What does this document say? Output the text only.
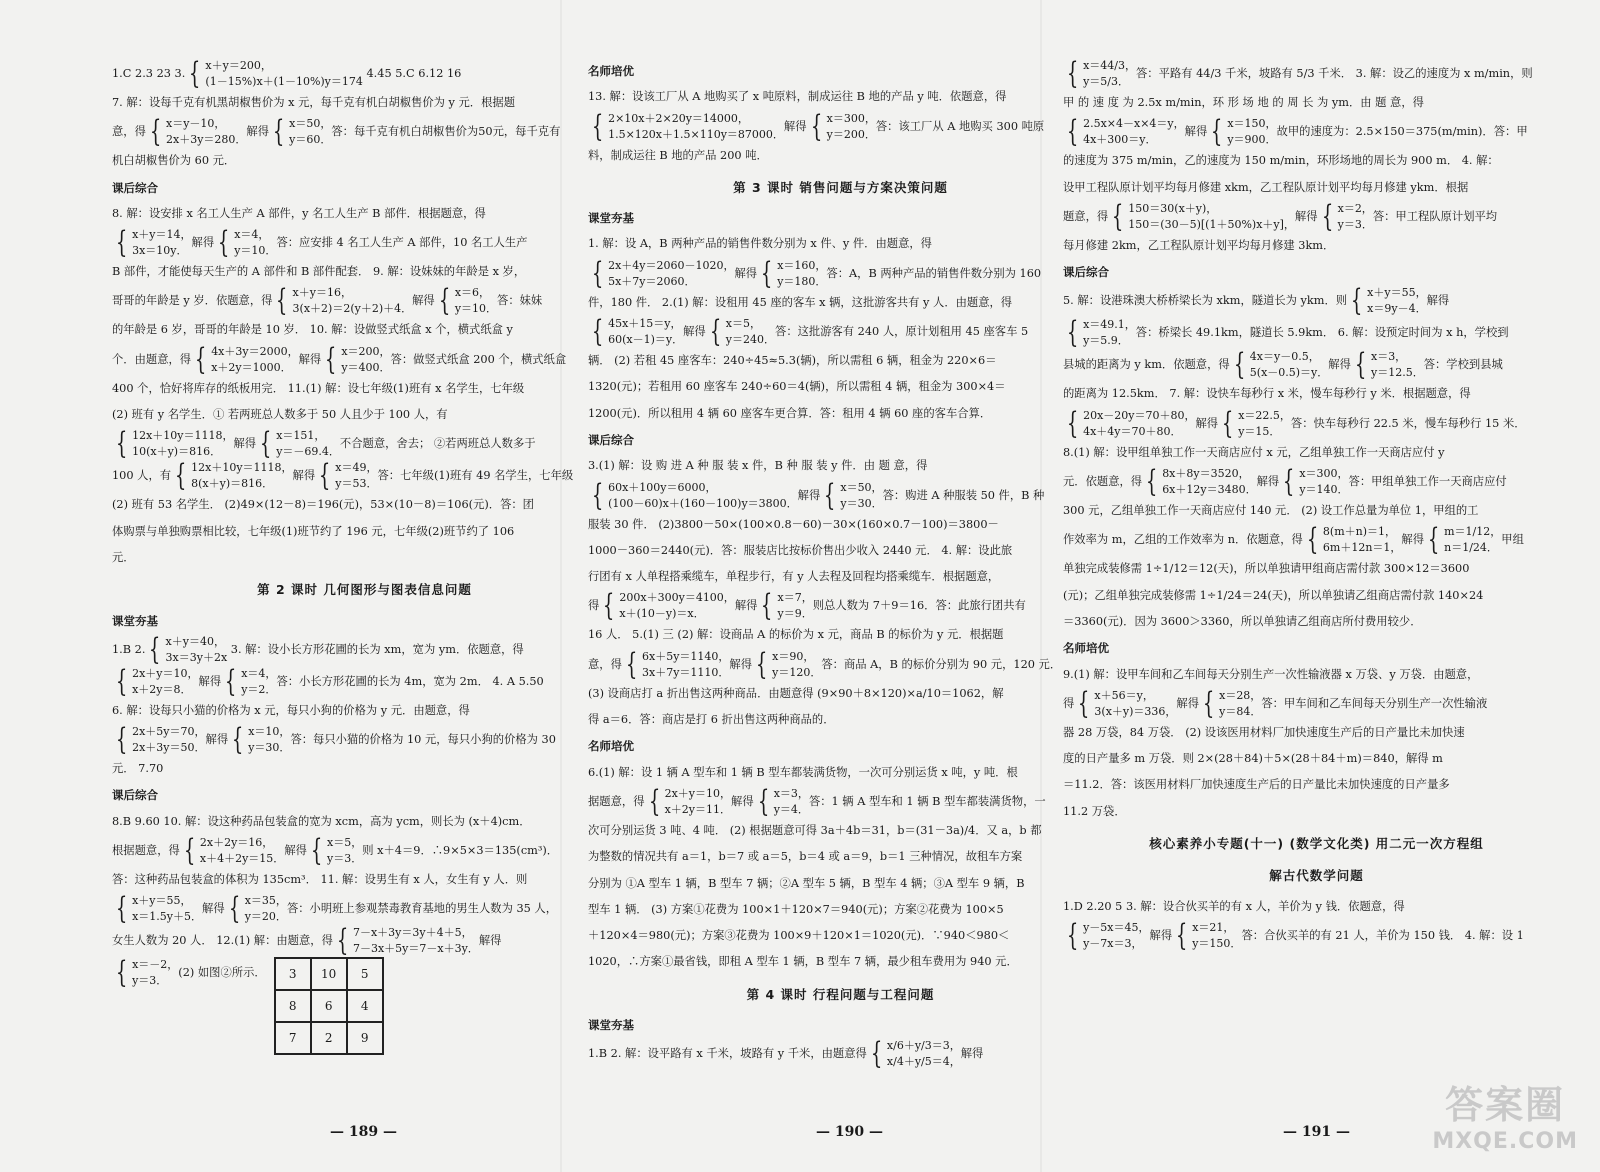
1.C 2.3 23 3. { x＋y＝200，
(1－15%)x＋(1－10%)y＝174
4.45 5.C 6.12 16
7. 解：设每千克有机黑胡椒售价为 x 元，每千克有机白胡椒售价为 y 元．根据题
意，得 { x＝y－10，
2x＋3y＝280．
解得 { x＝50，
y＝60．
答：每千克有机白胡椒售价为50元，每千克有
机白胡椒售价为 60 元．
课后综合
8. 解：设安排 x 名工人生产 A 部件，y 名工人生产 B 部件．根据题意，得
{ x＋y＝14，
3x＝10y．
解得 { x＝4，
y＝10．
答：应安排 4 名工人生产 A 部件，10 名工人生产
B 部件，才能使每天生产的 A 部件和 B 部件配套． 9. 解：设妹妹的年龄是 x 岁，
哥哥的年龄是 y 岁．依题意，得 { x＋y＝16，
3(x＋2)＝2(y＋2)＋4．
解得 { x＝6，
y＝10．
答：妹妹
的年龄是 6 岁，哥哥的年龄是 10 岁． 10. 解：设做竖式纸盒 x 个，横式纸盒 y
个．由题意，得 { 4x＋3y＝2000，
x＋2y＝1000．
解得 { x＝200，
y＝400．
答：做竖式纸盒 200 个，横式纸盒
400 个，恰好将库存的纸板用完． 11.(1) 解：设七年级(1)班有 x 名学生，七年级
(2) 班有 y 名学生．① 若两班总人数多于 50 人且少于 100 人，有
{ 12x＋10y＝1118，
10(x＋y)＝816．
解得 { x＝151，
y＝－69.4．
不合题意，舍去； ②若两班总人数多于
100 人，有 { 12x＋10y＝1118，
8(x＋y)＝816．
解得 { x＝49，
y＝53．
答：七年级(1)班有 49 名学生，七年级
(2) 班有 53 名学生． (2)49×(12－8)＝196(元)，53×(10－8)＝106(元)．答：团
体购票与单独购票相比较，七年级(1)班节约了 196 元，七年级(2)班节约了 106
元．
第 2 课时 几何图形与图表信息问题
课堂夯基
1.B 2. { x＋y＝40，
3x＝3y＋2x
3. 解：设小长方形花圃的长为 xm，宽为 ym．依题意，得
{ 2x＋y＝10，
x＋2y＝8．
解得 { x＝4，
y＝2．
答：小长方形花圃的长为 4m，宽为 2m． 4. A 5.50
6. 解：设每只小猫的价格为 x 元，每只小狗的价格为 y 元．由题意，得
{ 2x＋5y＝70，
2x＋3y＝50．
解得 { x＝10，
y＝30．
答：每只小猫的价格为 10 元，每只小狗的价格为 30
元． 7.70
课后综合
8.B 9.60 10. 解：设这种药品包装盒的宽为 xcm，高为 ycm，则长为 (x＋4)cm．
根据题意，得 { 2x＋2y＝16，
x＋4＋2y＝15．
解得 { x＝5，
y＝3．
则 x＋4＝9．∴9×5×3＝135(cm³)．
答：这种药品包装盒的体积为 135cm³． 11. 解：设男生有 x 人，女生有 y 人．则
{ x＋y＝55，
x＝1.5y＋5．
解得 { x＝35，
y＝20．
答：小明班上参观禁毒教育基地的男生人数为 35 人，
女生人数为 20 人． 12.(1) 解：由题意，得 { 7－x＋3y＝3y＋4＋5，
7－3x＋5y＝7－x＋3y．
解得
{ x＝－2，
y＝3．
(2) 如图②所示．	3	10	5
8	6	4
7	2	9
名师培优
13. 解：设该工厂从 A 地购买了 x 吨原料，制成运往 B 地的产品 y 吨．依题意，得
{ 2×10x＋2×20y＝14000，
1.5×120x＋1.5×110y＝87000．
解得 { x＝300，
y＝200．
答：该工厂从 A 地购买 300 吨原
料，制成运往 B 地的产品 200 吨．
第 3 课时 销售问题与方案决策问题
课堂夯基
1. 解：设 A，B 两种产品的销售件数分别为 x 件、y 件．由题意，得
{ 2x＋4y＝2060－1020，
5x＋7y＝2060．
解得 { x＝160，
y＝180．
答：A，B 两种产品的销售件数分别为 160
件，180 件． 2.(1) 解：设租用 45 座的客车 x 辆，这批游客共有 y 人．由题意，得
{ 45x＋15＝y，
60(x－1)＝y．
解得 { x＝5，
y＝240．
答：这批游客有 240 人，原计划租用 45 座客车 5
辆． (2) 若租 45 座客车：240÷45≈5.3(辆)，所以需租 6 辆，租金为 220×6＝
1320(元)；若租用 60 座客车 240÷60＝4(辆)，所以需租 4 辆，租金为 300×4＝
1200(元)．所以租用 4 辆 60 座客车更合算．答：租用 4 辆 60 座的客车合算．
课后综合
3.(1) 解：设 购 进 A 种 服 装 x 件，B 种 服 装 y 件．由 题 意，得
{ 60x＋100y＝6000，
(100－60)x＋(160－100)y＝3800．
解得 { x＝50，
y＝30．
答：购进 A 种服装 50 件，B 种
服装 30 件． (2)3800－50×(100×0.8－60)－30×(160×0.7－100)＝3800－
1000－360＝2440(元)．答：服装店比按标价售出少收入 2440 元． 4. 解：设此旅
行团有 x 人单程搭乘缆车，单程步行，有 y 人去程及回程均搭乘缆车．根据题意，
得 { 200x＋300y＝4100，
x＋(10－y)＝x．
解得 { x＝7，
y＝9．
则总人数为 7＋9＝16．答：此旅行团共有
16 人． 5.(1) 三 (2) 解：设商品 A 的标价为 x 元，商品 B 的标价为 y 元．根据题
意，得 { 6x＋5y＝1140，
3x＋7y＝1110．
解得 { x＝90，
y＝120．
答：商品 A，B 的标价分别为 90 元，120 元．
(3) 设商店打 a 折出售这两种商品．由题意得 (9×90＋8×120)×a/10＝1062，解
得 a＝6．答：商店是打 6 折出售这两种商品的．
名师培优
6.(1) 解：设 1 辆 A 型车和 1 辆 B 型车都装满货物，一次可分别运货 x 吨，y 吨．根
据题意，得 { 2x＋y＝10，
x＋2y＝11．
解得 { x＝3，
y＝4．
答：1 辆 A 型车和 1 辆 B 型车都装满货物，一
次可分别运货 3 吨、4 吨． (2) 根据题意可得 3a＋4b＝31，b＝(31－3a)/4．又 a，b 都
为整数的情况共有 a＝1，b＝7 或 a＝5，b＝4 或 a＝9，b＝1 三种情况，故租车方案
分别为 ①A 型车 1 辆，B 型车 7 辆；②A 型车 5 辆，B 型车 4 辆；③A 型车 9 辆，B
型车 1 辆． (3) 方案①花费为 100×1＋120×7＝940(元)；方案②花费为 100×5
＋120×4＝980(元)；方案③花费为 100×9＋120×1＝1020(元)．∵940＜980＜
1020，∴方案①最省钱，即租 A 型车 1 辆，B 型车 7 辆，最少租车费用为 940 元．
第 4 课时 行程问题与工程问题
课堂夯基
1.B 2. 解：设平路有 x 千米，坡路有 y 千米，由题意得 { x/6＋y/3＝3，
x/4＋y/5＝4，
解得
{ x＝44/3，
y＝5/3．
答：平路有 44/3 千米，坡路有 5/3 千米． 3. 解：设乙的速度为 x m/min，则
甲 的 速 度 为 2.5x m/min，环 形 场 地 的 周 长 为 ym．由 题 意，得
{ 2.5x×4－x×4＝y，
4x＋300＝y．
解得 { x＝150，
y＝900．
故甲的速度为：2.5×150＝375(m/min)．答：甲
的速度为 375 m/min，乙的速度为 150 m/min，环形场地的周长为 900 m． 4. 解：
设甲工程队原计划平均每月修建 xkm，乙工程队原计划平均每月修建 ykm．根据
题意，得 { 150＝30(x＋y)，
150＝(30－5)[(1＋50%)x＋y]，
解得 { x＝2，
y＝3．
答：甲工程队原计划平均
每月修建 2km，乙工程队原计划平均每月修建 3km．
课后综合
5. 解：设港珠澳大桥桥梁长为 xkm，隧道长为 ykm．则 { x＋y＝55，
x＝9y－4．
解得
{ x＝49.1，
y＝5.9．
答：桥梁长 49.1km，隧道长 5.9km． 6. 解：设预定时间为 x h，学校到
县城的距离为 y km．依题意，得 { 4x＝y－0.5，
5(x－0.5)＝y．
解得 { x＝3，
y＝12.5．
答：学校到县城
的距离为 12.5km． 7. 解：设快车每秒行 x 米，慢车每秒行 y 米．根据题意，得
{ 20x－20y＝70＋80，
4x＋4y＝70＋80．
解得 { x＝22.5，
y＝15．
答：快车每秒行 22.5 米，慢车每秒行 15 米．
8.(1) 解：设甲组单独工作一天商店应付 x 元，乙组单独工作一天商店应付 y
元．依题意，得 { 8x＋8y＝3520，
6x＋12y＝3480．
解得 { x＝300，
y＝140．
答：甲组单独工作一天商店应付
300 元，乙组单独工作一天商店应付 140 元． (2) 设工作总量为单位 1，甲组的工
作效率为 m，乙组的工作效率为 n．依题意，得 { 8(m＋n)＝1，
6m＋12n＝1，
解得 { m＝1/12，
n＝1/24．
甲组
单独完成装修需 1÷1/12＝12(天)，所以单独请甲组商店需付款 300×12＝3600
(元)；乙组单独完成装修需 1÷1/24＝24(天)，所以单独请乙组商店需付款 140×24
＝3360(元)．因为 3600＞3360，所以单独请乙组商店所付费用较少．
名师培优
9.(1) 解：设甲车间和乙车间每天分别生产一次性输液器 x 万袋、y 万袋．由题意，
得 { x＋56＝y，
3(x＋y)＝336，
解得 { x＝28，
y＝84．
答：甲车间和乙车间每天分别生产一次性输液
器 28 万袋，84 万袋． (2) 设该医用材料厂加快速度生产后的日产量比未加快速
度的日产量多 m 万袋．则 2×(28＋84)＋5×(28＋84＋m)＝840，解得 m
＝11.2．答：该医用材料厂加快速度生产后的日产量比未加快速度的日产量多
11.2 万袋．
核心素养小专题(十一) (数学文化类) 用二元一次方程组
解古代数学问题
1.D 2.20 5 3. 解：设合伙买羊的有 x 人，羊价为 y 钱．依题意，得
{ y－5x＝45，
y－7x＝3，
解得 { x＝21，
y＝150．
答：合伙买羊的有 21 人，羊价为 150 钱． 4. 解：设 1
— 189 —	— 190 —	— 191 —
答案圈
MXQE.COM
